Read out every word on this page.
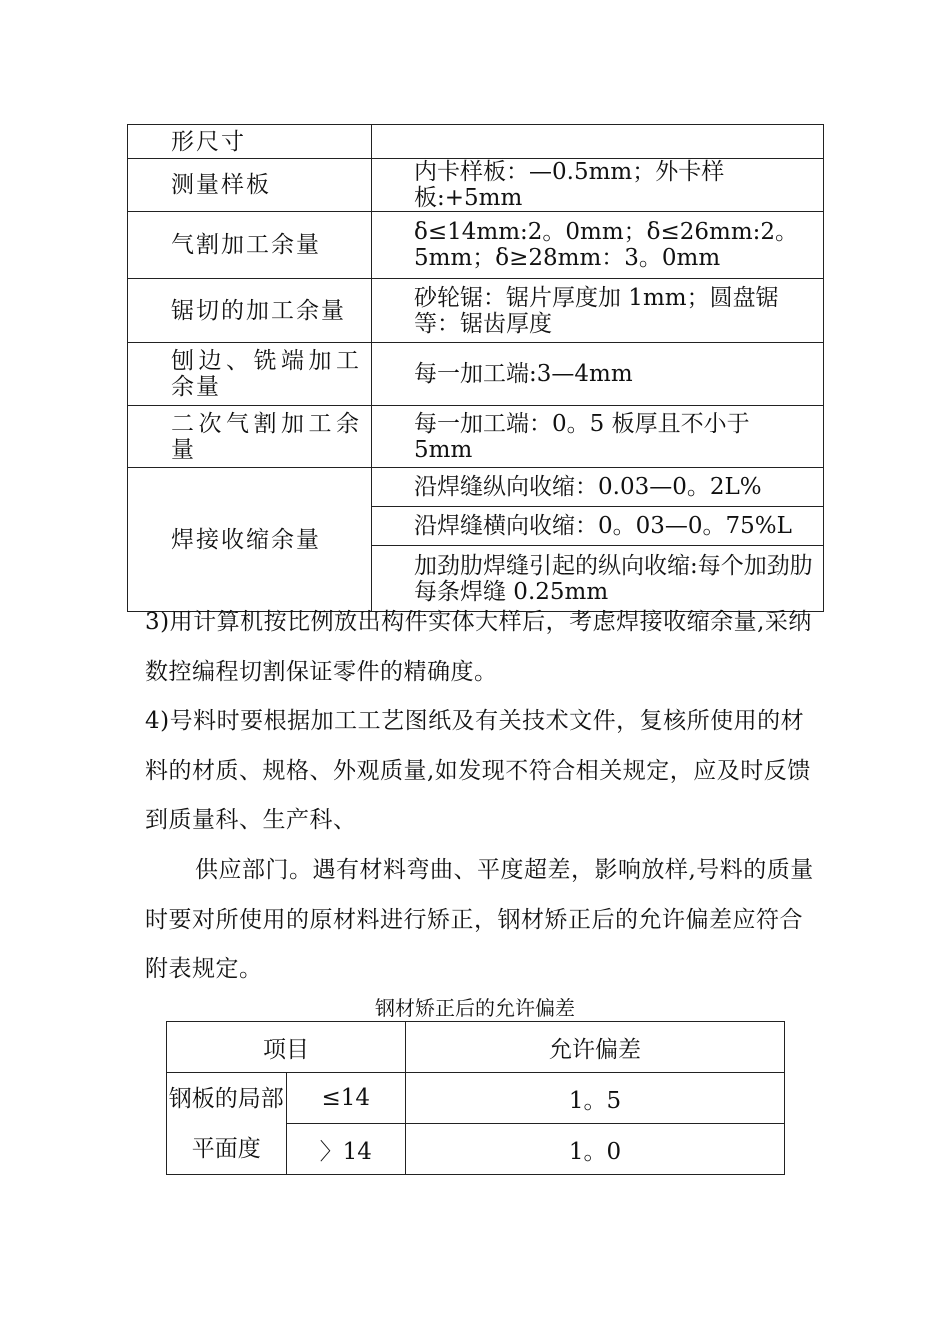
形尺寸	
测量样板	内卡样板：—0.5mm；外卡样板:+5mm
气割加工余量	δ≤14mm:2。0mm；δ≤26mm:2。5mm；δ≥28mm：3。0mm
锯切的加工余量	砂轮锯：锯片厚度加 1mm；圆盘锯等：锯齿厚度
刨边、铣端加工余量	每一加工端:3—4mm
二次气割加工余量	每一加工端：0。5 板厚且不小于 5mm
焊接收缩余量	沿焊缝纵向收缩：0.03—0。2L%
	沿焊缝横向收缩：0。03—0。75%L
	加劲肋焊缝引起的纵向收缩:每个加劲肋每条焊缝 0.25mm

3)用计算机按比例放出构件实体大样后，考虑焊接收缩余量,采纳数控编程切割保证零件的精确度。

4)号料时要根据加工工艺图纸及有关技术文件，复核所使用的材料的材质、规格、外观质量,如发现不符合相关规定，应及时反馈到质量科、生产科、

供应部门。遇有材料弯曲、平度超差，影响放样,号料的质量时要对所使用的原材料进行矫正，钢材矫正后的允许偏差应符合附表规定。

钢材矫正后的允许偏差
项目		允许偏差
钢板的局部平面度	≤14	1。5
	〉14	1。0
